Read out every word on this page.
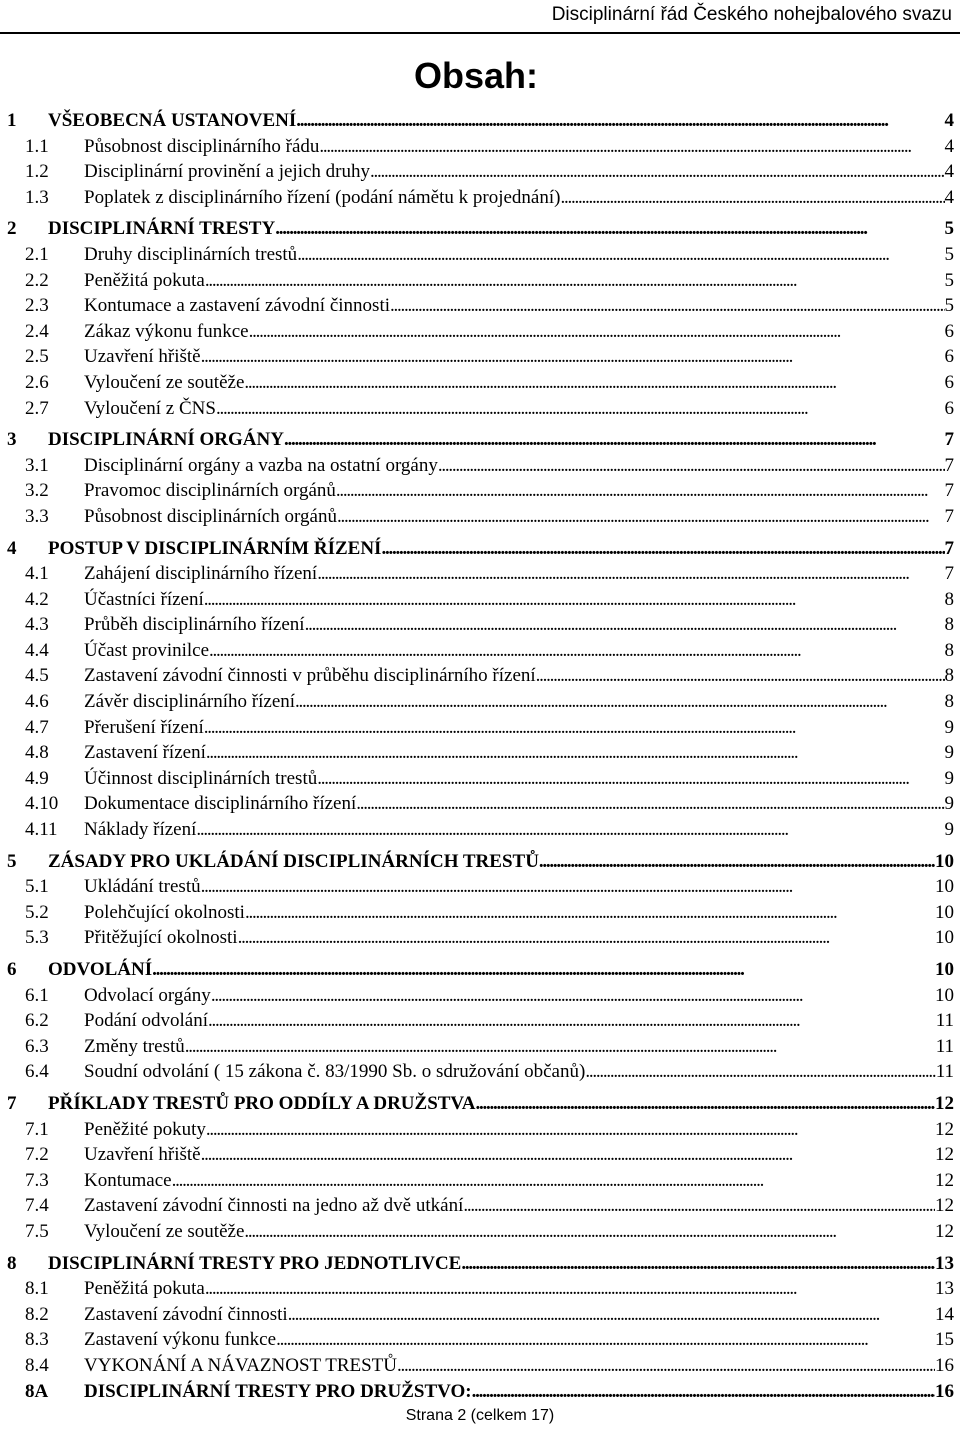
Disciplinární řád Českého nohejbalového svazu
Obsah:
1 VŠEOBECNÁ USTANOVENÍ . . .	4
1.1 Působnost disciplinárního řádu . . .	4
1.2 Disciplinární provinění a jejich druhy . . .	4
1.3 Poplatek z disciplinárního řízení (podání námětu k projednání) . . .	4
2 DISCIPLINÁRNÍ TRESTY . . .	5
2.1 Druhy disciplinárních trestů . . .	5
2.2 Peněžitá pokuta . . .	5
2.3 Kontumace a zastavení závodní činnosti . . .	5
2.4 Zákaz výkonu funkce . . .	6
2.5 Uzavření hřiště . . .	6
2.6 Vyloučení ze soutěže . . .	6
2.7 Vyloučení z ČNS . . .	6
3 DISCIPLINÁRNÍ ORGÁNY . . .	7
3.1 Disciplinární orgány a vazba na ostatní orgány . . .	7
3.2 Pravomoc disciplinárních orgánů . . .	7
3.3 Působnost disciplinárních orgánů . . .	7
4 POSTUP V DISCIPLINÁRNÍM ŘÍZENÍ . . .	7
4.1 Zahájení disciplinárního řízení . . .	7
4.2 Účastníci řízení . . .	8
4.3 Průběh disciplinárního řízení . . .	8
4.4 Účast provinilce . . .	8
4.5 Zastavení závodní činnosti v průběhu disciplinárního řízení . . .	8
4.6 Závěr disciplinárního řízení . . .	8
4.7 Přerušení řízení . . .	9
4.8 Zastavení řízení . . .	9
4.9 Účinnost disciplinárních trestů . . .	9
4.10 Dokumentace disciplinárního řízení . . .	9
4.11 Náklady řízení . . .	9
5 ZÁSADY PRO UKLÁDÁNÍ DISCIPLINÁRNÍCH TRESTŮ . . .	10
5.1 Ukládání trestů . . .	10
5.2 Polehčující okolnosti . . .	10
5.3 Přitěžující okolnosti . . .	10
6 ODVOLÁNÍ . . .	10
6.1 Odvolací orgány . . .	10
6.2 Podání odvolání . . .	11
6.3 Změny trestů . . .	11
6.4 Soudní odvolání ( 15 zákona č. 83/1990 Sb. o sdružování občanů) . . .	11
7 PŘÍKLADY TRESTŮ PRO ODDÍLY A DRUŽSTVA . . .	12
7.1 Peněžité pokuty . . .	12
7.2 Uzavření hřiště . . .	12
7.3 Kontumace . . .	12
7.4 Zastavení závodní činnosti na jedno až dvě utkání . . .	12
7.5 Vyloučení ze soutěže . . .	12
8 DISCIPLINÁRNÍ TRESTY PRO JEDNOTLIVCE . . .	13
8.1 Peněžitá pokuta . . .	13
8.2 Zastavení závodní činnosti . . .	14
8.3 Zastavení výkonu funkce . . .	15
8.4 VYKONÁNÍ A NÁVAZNOST TRESTŮ . . .	16
8A DISCIPLINÁRNÍ TRESTY PRO DRUŽSTVO: . . .	16
Strana 2 (celkem 17)
